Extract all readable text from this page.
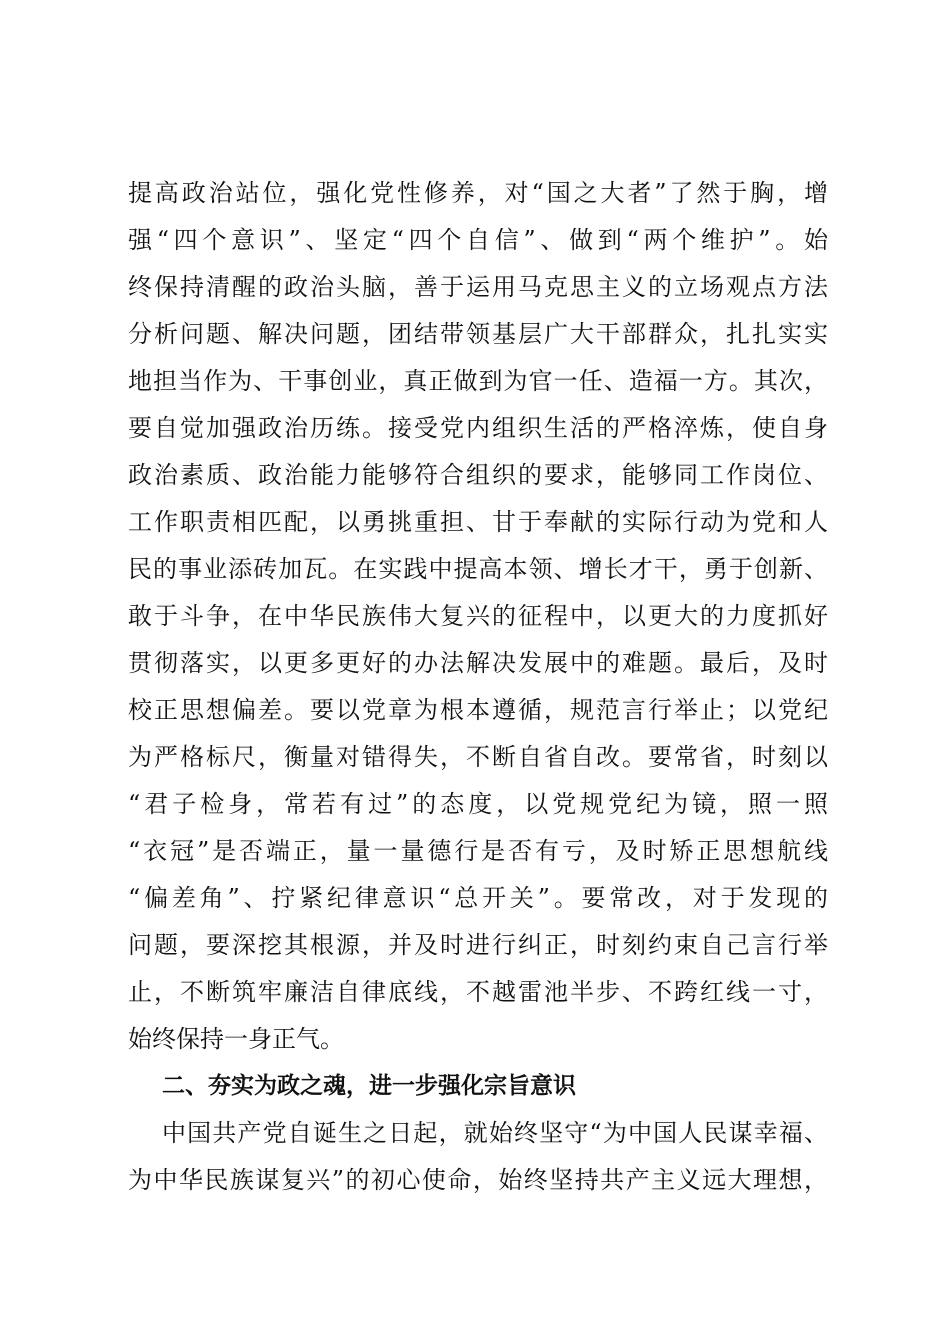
提高政治站位，强化党性修养，对“国之大者”了然于胸，增
强“四个意识”、坚定“四个自信”、做到“两个维护”。始
终保持清醒的政治头脑，善于运用马克思主义的立场观点方法
分析问题、解决问题，团结带领基层广大干部群众，扎扎实实
地担当作为、干事创业，真正做到为官一任、造福一方。其次，
要自觉加强政治历练。接受党内组织生活的严格淬炼，使自身
政治素质、政治能力能够符合组织的要求，能够同工作岗位、
工作职责相匹配，以勇挑重担、甘于奉献的实际行动为党和人
民的事业添砖加瓦。在实践中提高本领、增长才干，勇于创新、
敢于斗争，在中华民族伟大复兴的征程中，以更大的力度抓好
贯彻落实，以更多更好的办法解决发展中的难题。最后，及时
校正思想偏差。要以党章为根本遵循，规范言行举止；以党纪
为严格标尺，衡量对错得失，不断自省自改。要常省，时刻以
“君子检身，常若有过”的态度，以党规党纪为镜，照一照
“衣冠”是否端正，量一量德行是否有亏，及时矫正思想航线
“偏差角”、拧紧纪律意识“总开关”。要常改，对于发现的
问题，要深挖其根源，并及时进行纠正，时刻约束自己言行举
止，不断筑牢廉洁自律底线，不越雷池半步、不跨红线一寸，
始终保持一身正气。
二、夯实为政之魂，进一步强化宗旨意识
中国共产党自诞生之日起，就始终坚守“为中国人民谋幸福、
为中华民族谋复兴”的初心使命，始终坚持共产主义远大理想，
